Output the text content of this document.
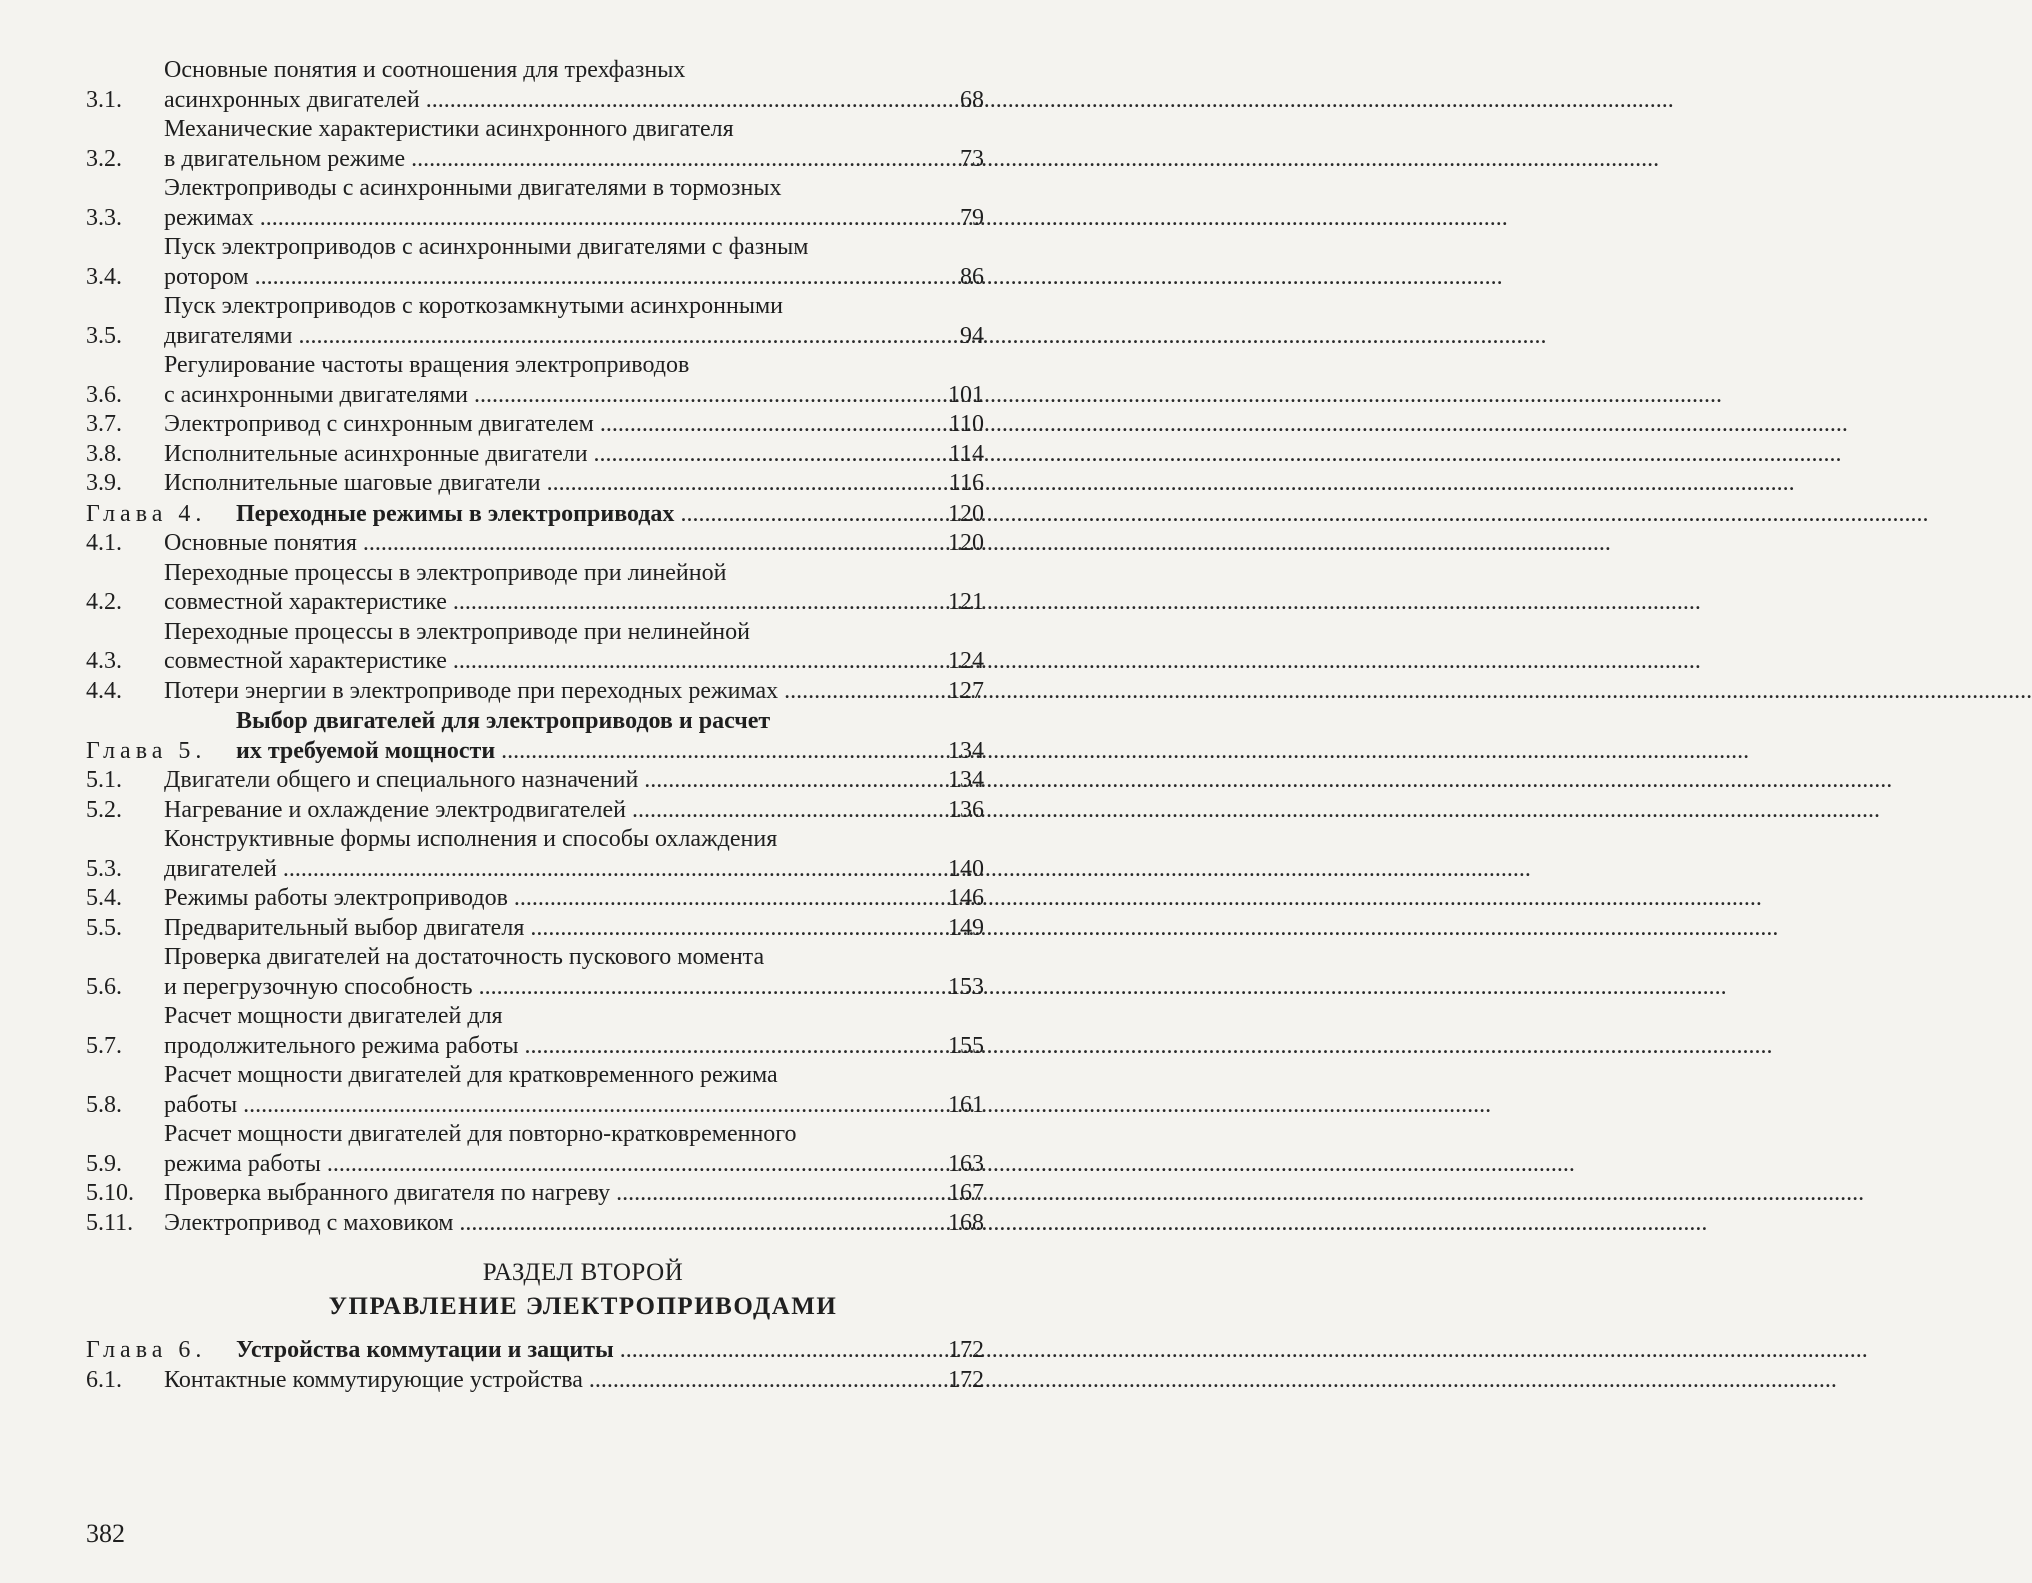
3.1.
Основные понятия и соотношения для трехфазных
асинхронных двигателей .....	68
3.2.
Механические характеристики асинхронного двигателя
в двигательном режиме .....	73
3.3.
Электроприводы с асинхронными двигателями в тормозных
режимах .....	79
3.4.
Пуск электроприводов с асинхронными двигателями с фазным
ротором .....	86
3.5.
Пуск электроприводов с короткозамкнутыми асинхронными
двигателями .....	94
3.6.
Регулирование частоты вращения электроприводов
с асинхронными двигателями .....	101
3.7.	Электропривод с синхронным двигателем .....	110
3.8.	Исполнительные асинхронные двигатели .....	114
3.9.	Исполнительные шаговые двигатели .....	116
Глава 4.	Переходные режимы в электроприводах .....	120
4.1.	Основные понятия .....	120
4.2.
Переходные процессы в электроприводе при линейной
совместной характеристике .....	121
4.3.
Переходные процессы в электроприводе при нелинейной
совместной характеристике .....	124
4.4.	Потери энергии в электроприводе при переходных режимах .....	127
Глава 5.
Выбор двигателей для электроприводов и расчет
их требуемой мощности .....	134
5.1.	Двигатели общего и специального назначений .....	134
5.2.	Нагревание и охлаждение электродвигателей .....	136
5.3.
Конструктивные формы исполнения и способы охлаждения
двигателей .....	140
5.4.	Режимы работы электроприводов .....	146
5.5.	Предварительный выбор двигателя .....	149
5.6.
Проверка двигателей на достаточность пускового момента
и перегрузочную способность .....	153
5.7.
Расчет мощности двигателей для
продолжительного режима работы .....	155
5.8.
Расчет мощности двигателей для кратковременного режима
работы .....	161
5.9.
Расчет мощности двигателей для повторно-кратковременного
режима работы .....	163
5.10.	Проверка выбранного двигателя по нагреву .....	167
5.11.	Электропривод с маховиком .....	168
РАЗДЕЛ ВТОРОЙ
УПРАВЛЕНИЕ ЭЛЕКТРОПРИВОДАМИ
Глава 6.	Устройства коммутации и защиты .....	172
6.1.	Контактные коммутирующие устройства .....	172
382
